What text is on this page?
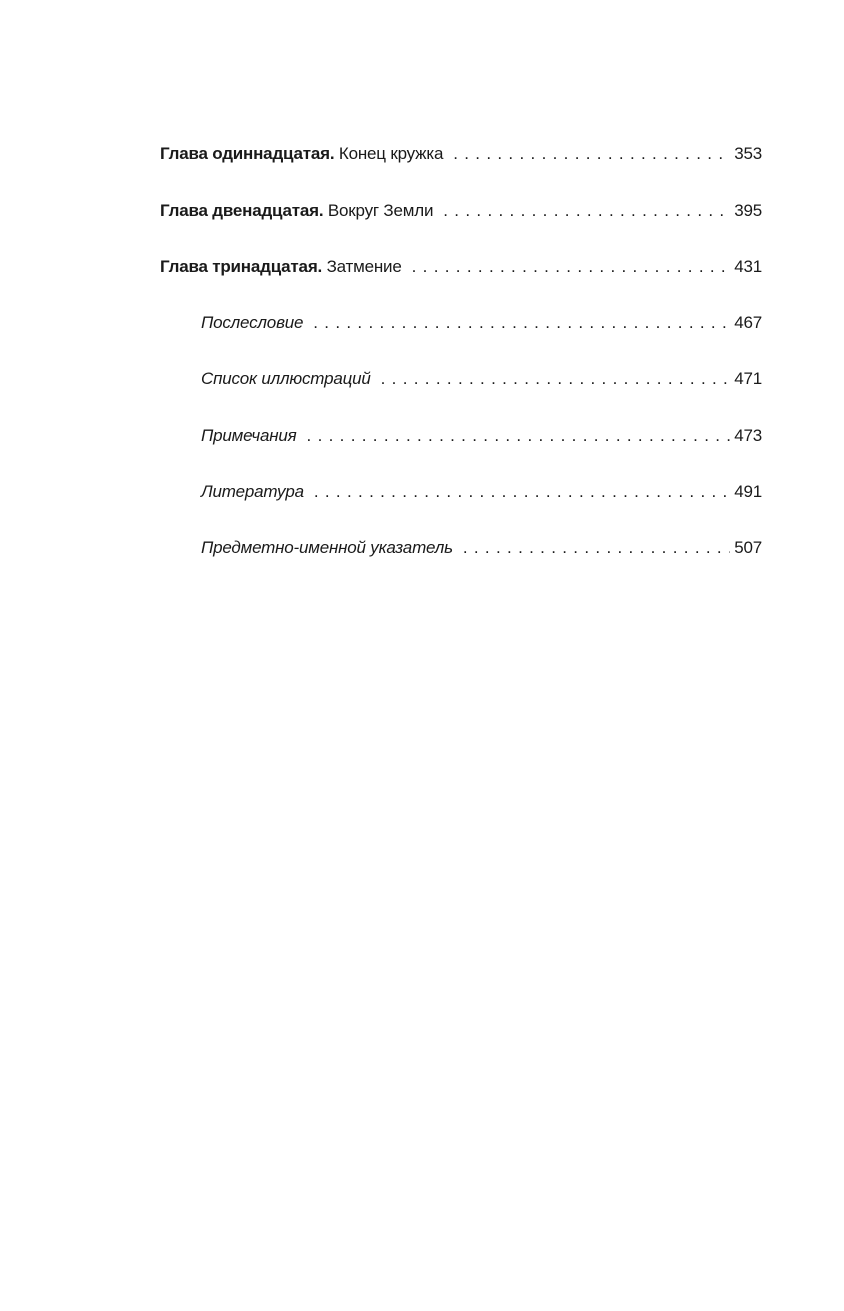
Глава одиннадцатая. Конец кружка . . .	353
Глава двенадцатая. Вокруг Земли . . .	395
Глава тринадцатая. Затмение . . .	431
Послесловие . . .	467
Список иллюстраций . . .	471
Примечания . . .	473
Литература . . .	491
Предметно-именной указатель . . .	507
